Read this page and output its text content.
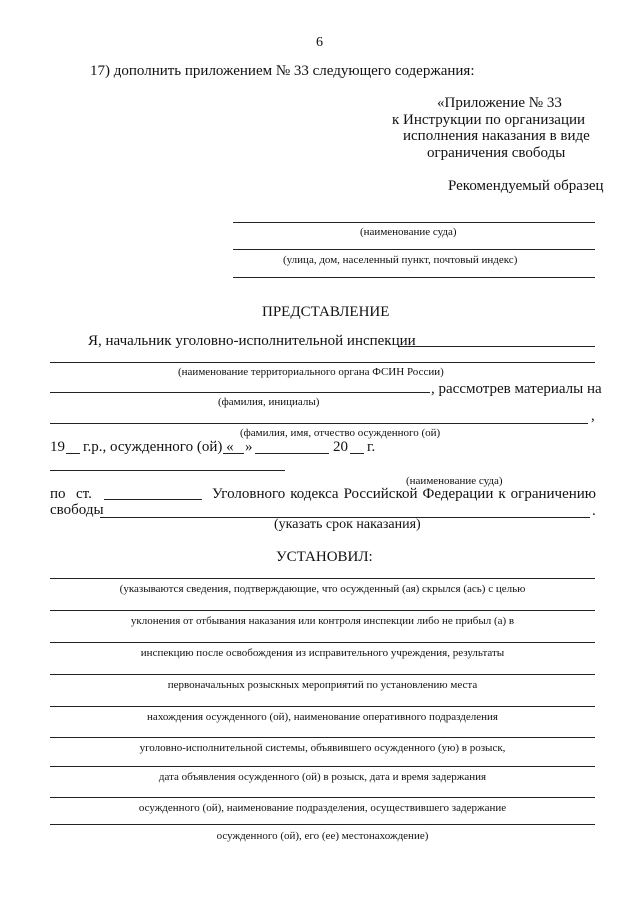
6
17) дополнить приложением № 33 следующего содержания:
«Приложение № 33
к Инструкции по организации
исполнения наказания в виде
ограничения свободы
Рекомендуемый образец
(наименование суда)
(улица, дом, населенный пункт, почтовый индекс)
ПРЕДСТАВЛЕНИЕ
Я, начальник уголовно-исполнительной инспекции
(наименование территориального органа ФСИН России)
, рассмотрев материалы на
(фамилия, инициалы)
,
(фамилия, имя, отчество осужденного (ой)
19 г.р., осужденного (ой) « »	20 г.
(наименование суда)
по ст.	Уголовного кодекса Российской Федерации к ограничению
свободы	.
(указать срок наказания)
УСТАНОВИЛ:
(указываются сведения, подтверждающие, что осужденный (ая) скрылся (ась) с целью
уклонения от отбывания наказания или контроля инспекции либо не прибыл (а) в
инспекцию после освобождения из исправительного учреждения, результаты
первоначальных розыскных мероприятий по установлению места
нахождения осужденного (ой), наименование оперативного подразделения
уголовно-исполнительной системы, объявившего осужденного (ую) в розыск,
дата объявления осужденного (ой) в розыск, дата и время задержания
осужденного (ой), наименование подразделения, осуществившего задержание
осужденного (ой), его (ее) местонахождение)
